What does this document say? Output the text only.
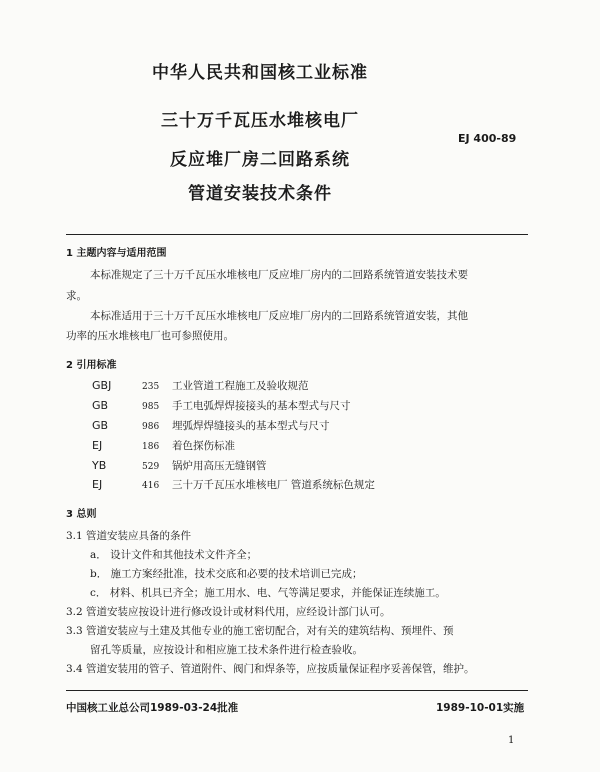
中华人民共和国核工业标准
三十万千瓦压水堆核电厂
反应堆厂房二回路系统
管道安装技术条件
EJ 400-89
1 主题内容与适用范围
本标准规定了三十万千瓦压水堆核电厂反应堆厂房内的二回路系统管道安装技术要
求。
本标准适用于三十万千瓦压水堆核电厂反应堆厂房内的二回路系统管道安装，其他
功率的压水堆核电厂也可参照使用。
2 引用标准
GBJ	235 工业管道工程施工及验收规范
GB	985 手工电弧焊焊接接头的基本型式与尺寸
GB	986 埋弧焊焊缝接头的基本型式与尺寸
EJ	186 着色探伤标准
YB	529 锅炉用高压无缝钢管
EJ	416 三十万千瓦压水堆核电厂 管道系统标色规定
3 总则
3.1 管道安装应具备的条件
a． 设计文件和其他技术文件齐全；
b． 施工方案经批准，技术交底和必要的技术培训已完成；
c． 材料、机具已齐全；施工用水、电、气等满足要求，并能保证连续施工。
3.2 管道安装应按设计进行修改设计或材料代用，应经设计部门认可。
3.3 管道安装应与土建及其他专业的施工密切配合，对有关的建筑结构、预埋件、预
留孔等质量，应按设计和相应施工技术条件进行检查验收。
3.4 管道安装用的管子、管道附件、阀门和焊条等，应按质量保证程序妥善保管，维护。
中国核工业总公司1989-03-24批准	1989-10-01实施
1
